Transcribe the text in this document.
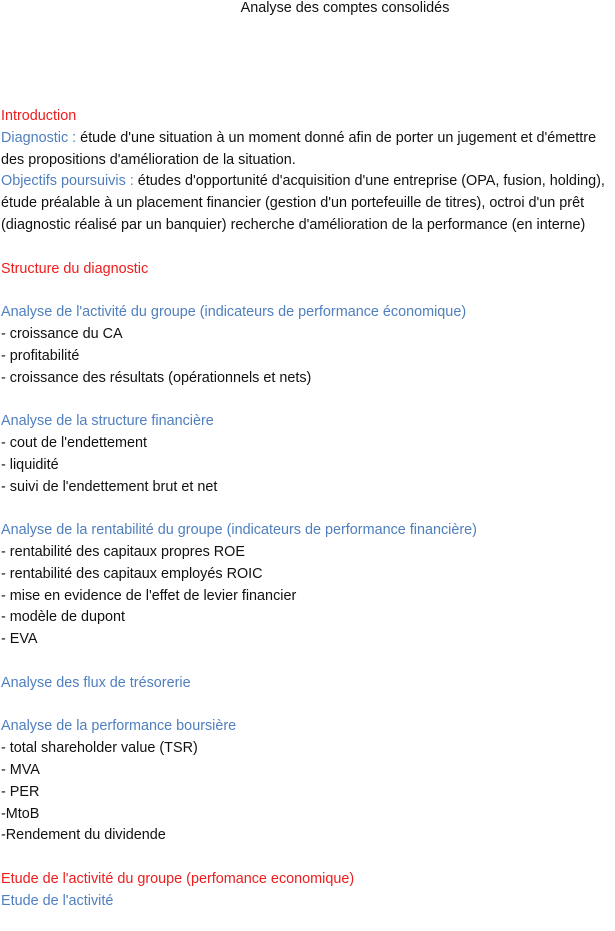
Analyse des comptes consolidés
Introduction
Diagnostic : étude d'une situation à un moment donné afin de porter un jugement et d'émettre des propositions d'amélioration de la situation.
Objectifs poursuivis : études d'opportunité d'acquisition d'une entreprise (OPA, fusion, holding), étude préalable à un placement financier (gestion d'un portefeuille de titres), octroi d'un prêt (diagnostic réalisé par un banquier) recherche d'amélioration de la performance (en interne)
Structure du diagnostic
Analyse de l'activité du groupe (indicateurs de performance économique)
- croissance du CA
- profitabilité
- croissance des résultats (opérationnels et nets)
Analyse de la structure financière
- cout de l'endettement
- liquidité
- suivi de l'endettement brut et net
Analyse de la rentabilité du groupe (indicateurs de performance financière)
- rentabilité des capitaux propres ROE
- rentabilité des capitaux employés ROIC
- mise en evidence de l'effet de levier financier
- modèle de dupont
- EVA
Analyse des flux de trésorerie
Analyse de la performance boursière
- total shareholder value (TSR)
- MVA
- PER
-MtoB
-Rendement du dividende
Etude de l'activité du groupe (perfomance economique)
Etude de l'activité
